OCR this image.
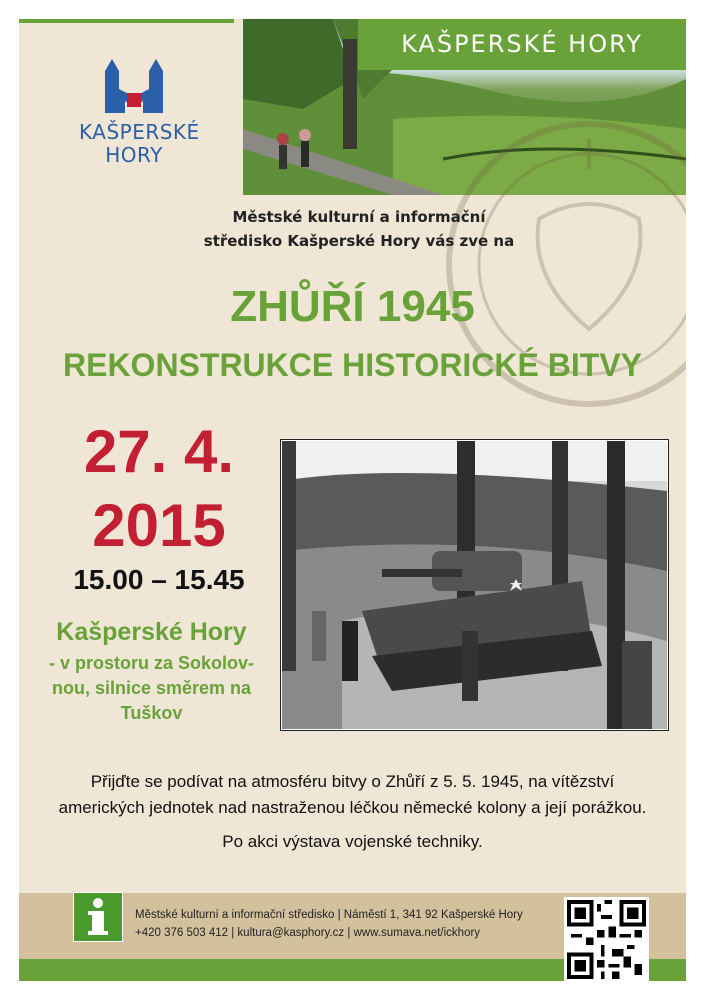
KAŠPERSKÉ HORY
KAŠPERSKÉ
HORY
Městské kulturní a informační
středisko Kašperské Hory vás zve na
ZHŮŘÍ 1945
REKONSTRUKCE HISTORICKÉ BITVY
27. 4.
2015
15.00 – 15.45
Kašperské Hory
- v prostoru za Sokolov-
nou, silnice směrem na
Tuškov

Přijďte se podívat na atmosféru bitvy o Zhůří z 5. 5. 1945, na vítězství

amerických jednotek nad nastraženou léčkou německé kolony a její porážkou.

Po akci výstava vojenské techniky.

Městské kulturní a informační středisko | Náměstí 1, 341 92 Kašperské Hory
+420 376 503 412 | kultura@kasphory.cz | www.sumava.net/ickhory
